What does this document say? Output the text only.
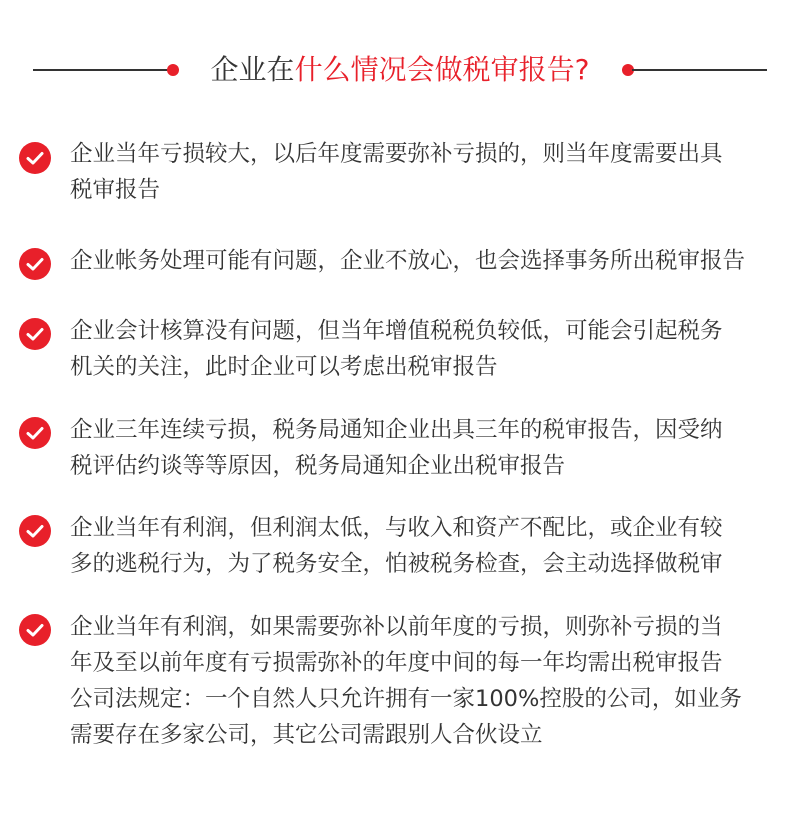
企业在什么情况会做税审报告?
企业当年亏损较大，以后年度需要弥补亏损的，则当年度需要出具
税审报告
企业帐务处理可能有问题，企业不放心，也会选择事务所出税审报告
企业会计核算没有问题，但当年增值税税负较低，可能会引起税务
机关的关注，此时企业可以考虑出税审报告
企业三年连续亏损，税务局通知企业出具三年的税审报告，因受纳
税评估约谈等等原因，税务局通知企业出税审报告
企业当年有利润，但利润太低，与收入和资产不配比，或企业有较
多的逃税行为，为了税务安全，怕被税务检查，会主动选择做税审
企业当年有利润，如果需要弥补以前年度的亏损，则弥补亏损的当
年及至以前年度有亏损需弥补的年度中间的每一年均需出税审报告
公司法规定：一个自然人只允许拥有一家100%控股的公司，如业务
需要存在多家公司，其它公司需跟别人合伙设立
